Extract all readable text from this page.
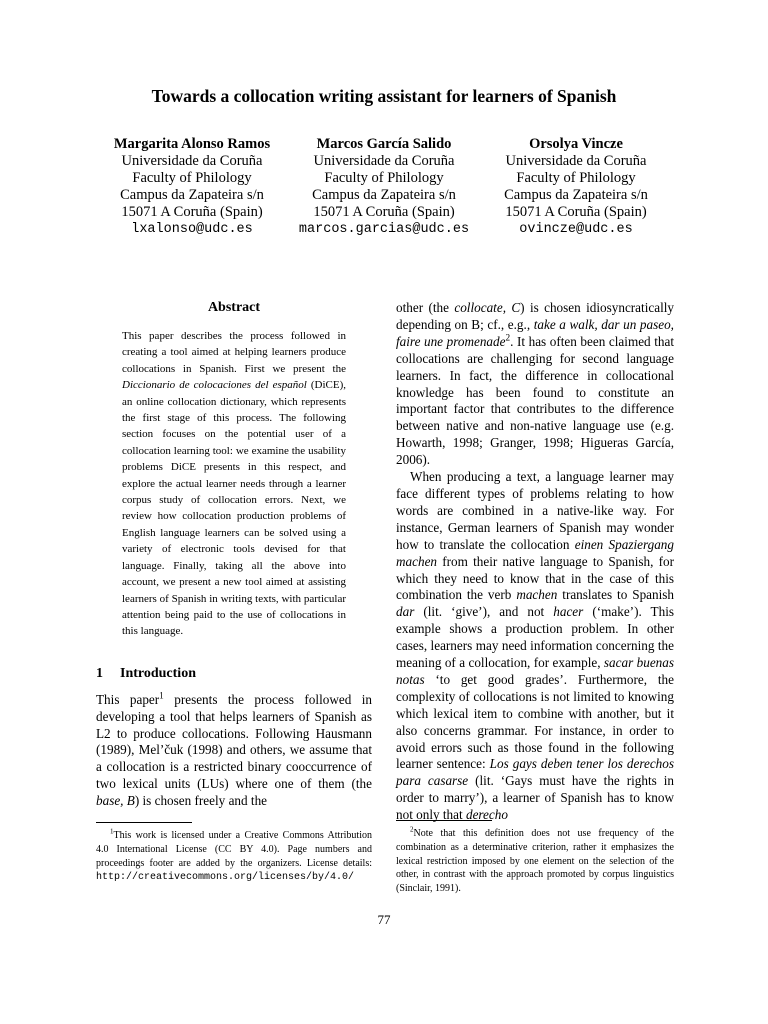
Towards a collocation writing assistant for learners of Spanish
Margarita Alonso Ramos
Universidade da Coruña
Faculty of Philology
Campus da Zapateira s/n
15071 A Coruña (Spain)
lxalonso@udc.es
Marcos García Salido
Universidade da Coruña
Faculty of Philology
Campus da Zapateira s/n
15071 A Coruña (Spain)
marcos.garcias@udc.es
Orsolya Vincze
Universidade da Coruña
Faculty of Philology
Campus da Zapateira s/n
15071 A Coruña (Spain)
ovincze@udc.es
Abstract

This paper describes the process followed in creating a tool aimed at helping learners produce collocations in Spanish. First we present the Diccionario de colocaciones del español (DiCE), an online collocation dictionary, which represents the first stage of this process. The following section focuses on the potential user of a collocation learning tool: we examine the usability problems DiCE presents in this respect, and explore the actual learner needs through a learner corpus study of collocation errors. Next, we review how collocation production problems of English language learners can be solved using a variety of electronic tools devised for that language. Finally, taking all the above into account, we present a new tool aimed at assisting learners of Spanish in writing texts, with particular attention being paid to the use of collocations in this language.

1 Introduction

This paper$^1$ presents the process followed in developing a tool that helps learners of Spanish as L2 to produce collocations. Following Hausmann (1989), Mel’čuk (1998) and others, we assume that a collocation is a restricted binary cooccurrence of two lexical units (LUs) where one of them (the base, B) is chosen freely and the

other (the collocate, C) is chosen idiosyncratically depending on B; cf., e.g., take a walk, dar un paseo, faire une promenade$^2$. It has often been claimed that collocations are challenging for second language learners. In fact, the difference in collocational knowledge has been found to constitute an important factor that contributes to the difference between native and non-native language use (e.g. Howarth, 1998; Granger, 1998; Higueras García, 2006).

When producing a text, a language learner may face different types of problems relating to how words are combined in a native-like way. For instance, German learners of Spanish may wonder how to translate the collocation einen Spaziergang machen from their native language to Spanish, for which they need to know that in the case of this combination the verb machen translates to Spanish dar (lit. ‘give’), and not hacer (‘make’). This example shows a production problem. In other cases, learners may need information concerning the meaning of a collocation, for example, sacar buenas notas ‘to get good grades’. Furthermore, the complexity of collocations is not limited to knowing which lexical item to combine with another, but it also concerns grammar. For instance, in order to avoid errors such as those found in the following learner sentence: Los gays deben tener los derechos para casarse (lit. ‘Gays must have the rights in order to marry’), a learner of Spanish has to know not only that derecho

$^1$This work is licensed under a Creative Commons Attribution 4.0 International License (CC BY 4.0). Page numbers and proceedings footer are added by the organizers. License details: http://creativecommons.org/licenses/by/4.0/

$^2$Note that this definition does not use frequency of the combination as a determinative criterion, rather it emphasizes the lexical restriction imposed by one element on the selection of the other, in contrast with the approach promoted by corpus linguistics (Sinclair, 1991).

77
